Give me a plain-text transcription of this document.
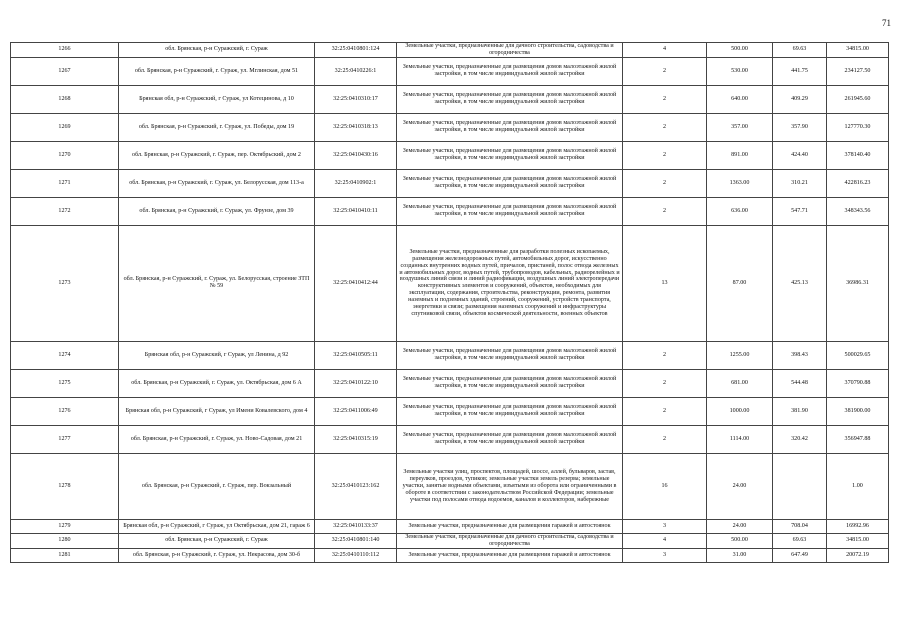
71
1266	обл. Брянская, р-н Суражский, г. Сураж	32:25:0410801:124	Земельные участки, предназначенные для дачного строительства, садоводства и огородничества	4	500.00	69.63	34815.00
1267	обл. Брянская, р-н Суражский, г. Сураж, ул. Мглинская, дом 51	32:25:0410226:1	Земельные участки, предназначенные для размещения домов малоэтажной жилой застройки, в том числе индивидуальной жилой застройки	2	530.00	441.75	234127.50
1268	Брянская обл, р-н Суражский, г Сураж, ул Котецинова, д 10	32:25:0410310:17	Земельные участки, предназначенные для размещения домов малоэтажной жилой застройки, в том числе индивидуальной жилой застройки	2	640.00	409.29	261945.60
1269	обл. Брянская, р-н Суражский, г. Сураж, ул. Победы, дом 19	32:25:0410318:13	Земельные участки, предназначенные для размещения домов малоэтажной жилой застройки, в том числе индивидуальной жилой застройки	2	357.00	357.90	127770.30
1270	обл. Брянская, р-н Суражский, г. Сураж, пер. Октябрьский, дом 2	32:25:0410430:16	Земельные участки, предназначенные для размещения домов малоэтажной жилой застройки, в том числе индивидуальной жилой застройки	2	891.00	424.40	378140.40
1271	обл. Брянская, р-н Суражский, г. Сураж, ул. Белорусская, дом 113-а	32:25:0410902:1	Земельные участки, предназначенные для размещения домов малоэтажной жилой застройки, в том числе индивидуальной жилой застройки	2	1363.00	310.21	422816.23
1272	обл. Брянская, р-н Суражский, г. Сураж, ул. Фрунзе, дом 39	32:25:0410410:11	Земельные участки, предназначенные для размещения домов малоэтажной жилой застройки, в том числе индивидуальной жилой застройки	2	636.00	547.71	348343.56
1273	обл. Брянская, р-н Суражский, г. Сураж, ул. Белорусская, строение ЗТП № 59	32:25:0410412:44	Земельные участки, предназначенные для разработки полезных ископаемых, размещения железнодорожных путей, автомобильных дорог, искусственно созданных внутренних водных путей, причалов, пристаней, полос отвода железных и автомобильных дорог, водных путей, трубопроводов, кабельных, радиорелейных и воздушных линий связи и линий радиофикации, воздушных линий электропередачи конструктивных элементов и сооружений, объектов, необходимых для эксплуатации, содержания, строительства, реконструкции, ремонта, развития наземных и подземных зданий, строений, сооружений, устройств транспорта, энергетики и связи; размещения наземных сооружений и инфраструктуры спутниковой связи, объектов космической деятельности, военных объектов	13	87.00	425.13	36986.31
1274	Брянская обл, р-н Суражский, г Сураж, ул Ленина, д 92	32:25:0410505:11	Земельные участки, предназначенные для размещения домов малоэтажной жилой застройки, в том числе индивидуальной жилой застройки	2	1255.00	398.43	500029.65
1275	обл. Брянская, р-н Суражский, г. Сураж, ул. Октябрьская, дом 6 А	32:25:0410122:10	Земельные участки, предназначенные для размещения домов малоэтажной жилой застройки, в том числе индивидуальной жилой застройки	2	681.00	544.48	370790.88
1276	Брянская обл, р-н Суражский, г Сураж, ул Имени Ковалевского, дом 4	32:25:0411006:49	Земельные участки, предназначенные для размещения домов малоэтажной жилой застройки, в том числе индивидуальной жилой застройки	2	1000.00	381.90	381900.00
1277	обл. Брянская, р-н Суражский, г. Сураж, ул. Ново-Садовая, дом 21	32:25:0410315:19	Земельные участки, предназначенные для размещения домов малоэтажной жилой застройки, в том числе индивидуальной жилой застройки	2	1114.00	320.42	356947.88
1278	обл. Брянская, р-н Суражский, г. Сураж, пер. Вокзальный	32:25:0410123:162	Земельные участки улиц, проспектов, площадей, шоссе, аллей, бульваров, застав, переулков, проездов, тупиков; земельные участки земель резерва; земельные участки, занятые водными объектами, изъятыми из оборота или ограниченными в обороте в соответствии с законодательством Российской Федерации; земельные участки под полосами отвода водоемов, каналов и коллекторов, набережные	16	24.00		1.00
1279	Брянская обл, р-н Суражский, г Сураж, ул Октябрьская, дом 21, гараж 6	32:25:0410133:37	Земельные участки, предназначенные для размещения гаражей и автостоянок	3	24.00	708.04	16992.96
1280	обл. Брянская, р-н Суражский, г. Сураж	32:25:0410801:140	Земельные участки, предназначенные для дачного строительства, садоводства и огородничества	4	500.00	69.63	34815.00
1281	обл. Брянская, р-н Суражский, г. Сураж, ул. Некрасова, дом 30-б	32:25:0410110:112	Земельные участки, предназначенные для размещения гаражей и автостоянок	3	31.00	647.49	20072.19
